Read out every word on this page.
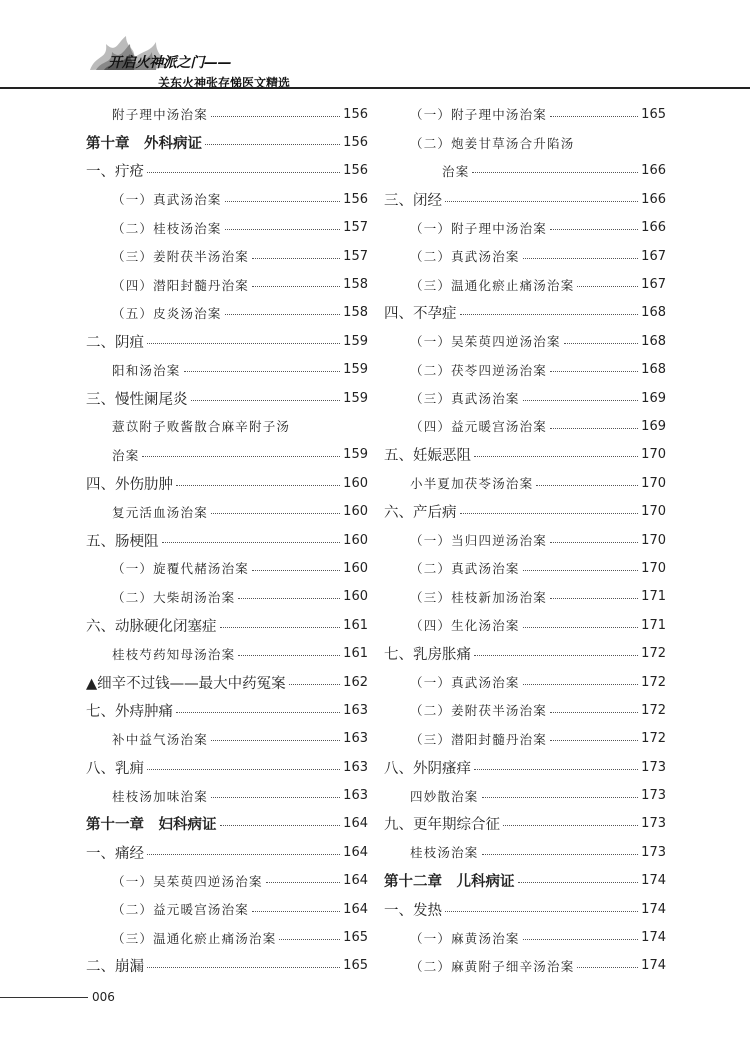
开启火神派之门——
关东火神张存悌医文精选
附子理中汤治案	156
第十章　外科病证	156
一、疔疮	156
（一）真武汤治案	156
（二）桂枝汤治案	157
（三）姜附茯半汤治案	157
（四）潜阳封髓丹治案	158
（五）皮炎汤治案	158
二、阴疽	159
阳和汤治案	159
三、慢性阑尾炎	159
薏苡附子败酱散合麻辛附子汤
治案	159
四、外伤肋肿	160
复元活血汤治案	160
五、肠梗阻	160
（一）旋覆代赭汤治案	160
（二）大柴胡汤治案	160
六、动脉硬化闭塞症	161
桂枝芍药知母汤治案	161
▲细辛不过钱——最大中药冤案	162
七、外痔肿痛	163
补中益气汤治案	163
八、乳痈	163
桂枝汤加味治案	163
第十一章　妇科病证	164
一、痛经	164
（一）吴茱萸四逆汤治案	164
（二）益元暖宫汤治案	164
（三）温通化瘀止痛汤治案	165
二、崩漏	165
（一）附子理中汤治案	165
（二）炮姜甘草汤合升陷汤
治案	166
三、闭经	166
（一）附子理中汤治案	166
（二）真武汤治案	167
（三）温通化瘀止痛汤治案	167
四、不孕症	168
（一）吴茱萸四逆汤治案	168
（二）茯苓四逆汤治案	168
（三）真武汤治案	169
（四）益元暖宫汤治案	169
五、妊娠恶阻	170
小半夏加茯苓汤治案	170
六、产后病	170
（一）当归四逆汤治案	170
（二）真武汤治案	170
（三）桂枝新加汤治案	171
（四）生化汤治案	171
七、乳房胀痛	172
（一）真武汤治案	172
（二）姜附茯半汤治案	172
（三）潜阳封髓丹治案	172
八、外阴瘙痒	173
四妙散治案	173
九、更年期综合征	173
桂枝汤治案	173
第十二章　儿科病证	174
一、发热	174
（一）麻黄汤治案	174
（二）麻黄附子细辛汤治案	174
006
